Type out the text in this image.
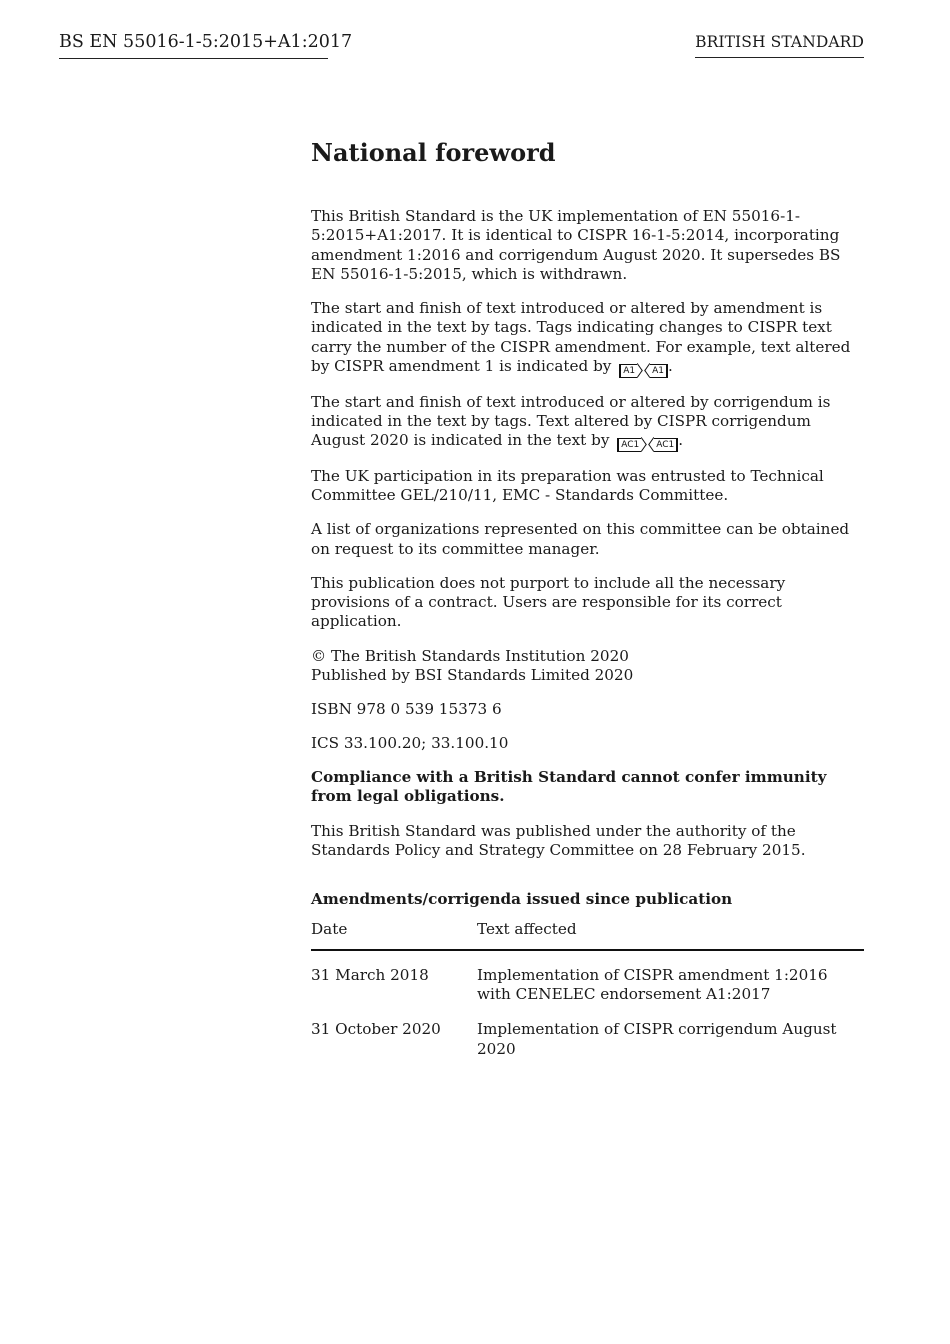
BS EN 55016-1-5:2015+A1:2017	BRITISH STANDARD
National foreword

This British Standard is the UK implementation of EN 55016-1-5:2015+A1:2017. It is identical to CISPR 16-1-5:2014, incorporating amendment 1:2016 and corrigendum August 2020. It supersedes BS EN 55016-1-5:2015, which is withdrawn.

The start and finish of text introduced or altered by amendment is indicated in the text by tags. Tags indicating changes to CISPR text carry the number of the CISPR amendment. For example, text altered by CISPR amendment 1 is indicated by A1 A1 .

The start and finish of text introduced or altered by corrigendum is indicated in the text by tags. Text altered by CISPR corrigendum August 2020 is indicated in the text by AC1 AC1 .

The UK participation in its preparation was entrusted to Technical Committee GEL/210/11, EMC - Standards Committee.

A list of organizations represented on this committee can be obtained on request to its committee manager.

This publication does not purport to include all the necessary provisions of a contract. Users are responsible for its correct application.

© The British Standards Institution 2020
Published by BSI Standards Limited 2020

ISBN 978 0 539 15373 6

ICS 33.100.20; 33.100.10

Compliance with a British Standard cannot confer immunity from legal obligations.

This British Standard was published under the authority of the Standards Policy and Strategy Committee on 28 February 2015.

Amendments/corrigenda issued since publication
Date	Text affected
31 March 2018	Implementation of CISPR amendment 1:2016 with CENELEC endorsement A1:2017
31 October 2020	Implementation of CISPR corrigendum August 2020
